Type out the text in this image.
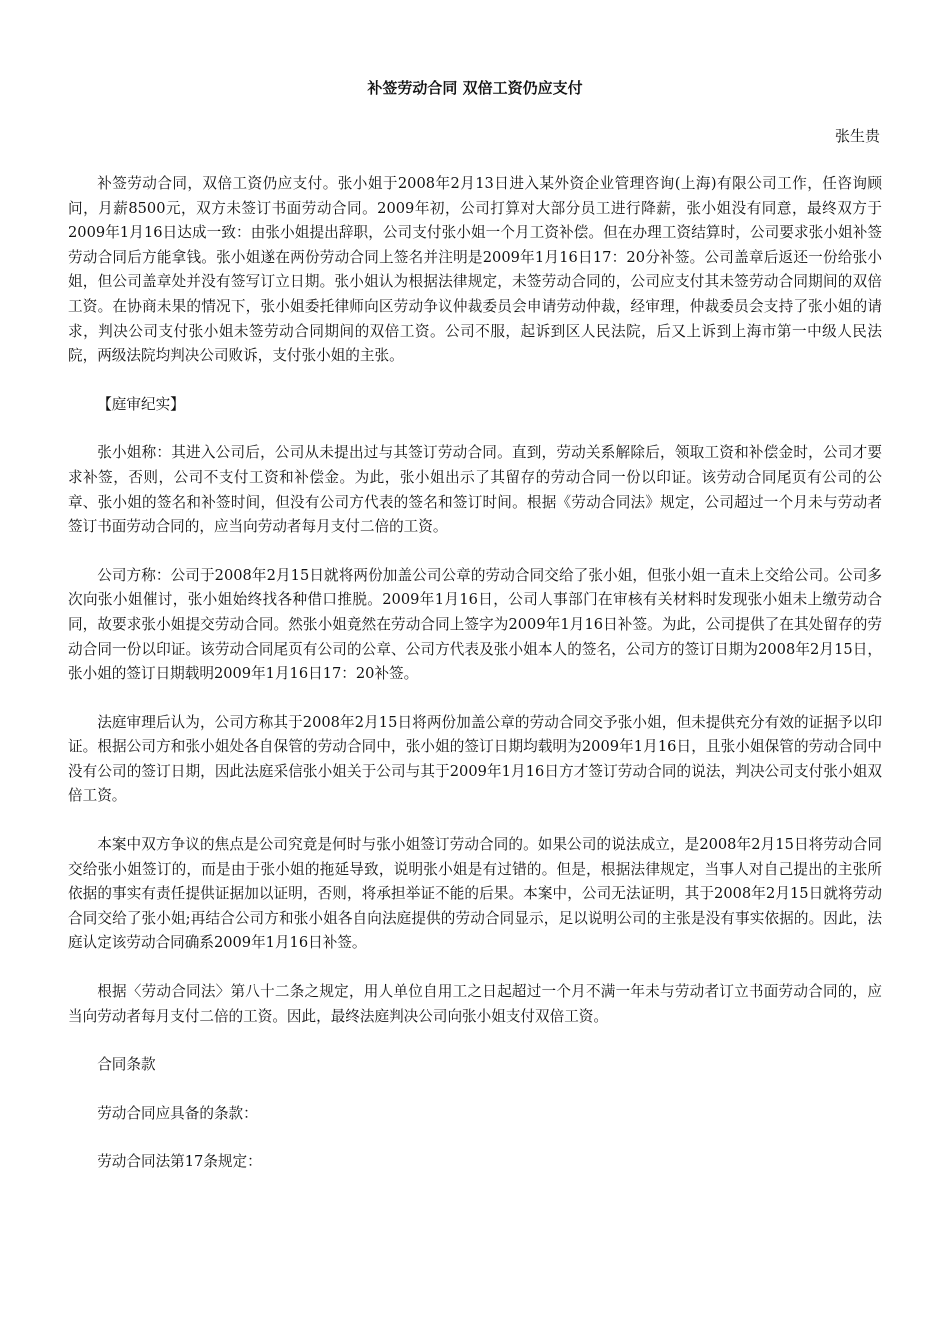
补签劳动合同 双倍工资仍应支付
张生贵

补签劳动合同，双倍工资仍应支付。张小姐于2008年2月13日进入某外资企业管理咨询(上海)有限公司工作，任咨询顾问，月薪8500元，双方未签订书面劳动合同。2009年初，公司打算对大部分员工进行降薪，张小姐没有同意，最终双方于2009年1月16日达成一致：由张小姐提出辞职，公司支付张小姐一个月工资补偿。但在办理工资结算时，公司要求张小姐补签劳动合同后方能拿钱。张小姐遂在两份劳动合同上签名并注明是2009年1月16日17：20分补签。公司盖章后返还一份给张小姐，但公司盖章处并没有签写订立日期。张小姐认为根据法律规定，未签劳动合同的，公司应支付其未签劳动合同期间的双倍工资。在协商未果的情况下，张小姐委托律师向区劳动争议仲裁委员会申请劳动仲裁，经审理，仲裁委员会支持了张小姐的请求，判决公司支付张小姐未签劳动合同期间的双倍工资。公司不服，起诉到区人民法院，后又上诉到上海市第一中级人民法院，两级法院均判决公司败诉，支付张小姐的主张。

【庭审纪实】

张小姐称：其进入公司后，公司从未提出过与其签订劳动合同。直到，劳动关系解除后，领取工资和补偿金时，公司才要求补签，否则，公司不支付工资和补偿金。为此，张小姐出示了其留存的劳动合同一份以印证。该劳动合同尾页有公司的公章、张小姐的签名和补签时间，但没有公司方代表的签名和签订时间。根据《劳动合同法》规定，公司超过一个月未与劳动者签订书面劳动合同的，应当向劳动者每月支付二倍的工资。

公司方称：公司于2008年2月15日就将两份加盖公司公章的劳动合同交给了张小姐，但张小姐一直未上交给公司。公司多次向张小姐催讨，张小姐始终找各种借口推脱。2009年1月16日，公司人事部门在审核有关材料时发现张小姐未上缴劳动合同，故要求张小姐提交劳动合同。然张小姐竟然在劳动合同上签字为2009年1月16日补签。为此，公司提供了在其处留存的劳动合同一份以印证。该劳动合同尾页有公司的公章、公司方代表及张小姐本人的签名，公司方的签订日期为2008年2月15日，张小姐的签订日期载明2009年1月16日17：20补签。

法庭审理后认为，公司方称其于2008年2月15日将两份加盖公章的劳动合同交予张小姐，但未提供充分有效的证据予以印证。根据公司方和张小姐处各自保管的劳动合同中，张小姐的签订日期均载明为2009年1月16日，且张小姐保管的劳动合同中没有公司的签订日期，因此法庭采信张小姐关于公司与其于2009年1月16日方才签订劳动合同的说法，判决公司支付张小姐双倍工资。

本案中双方争议的焦点是公司究竟是何时与张小姐签订劳动合同的。如果公司的说法成立，是2008年2月15日将劳动合同交给张小姐签订的，而是由于张小姐的拖延导致，说明张小姐是有过错的。但是，根据法律规定，当事人对自己提出的主张所依据的事实有责任提供证据加以证明，否则，将承担举证不能的后果。本案中，公司无法证明，其于2008年2月15日就将劳动合同交给了张小姐;再结合公司方和张小姐各自向法庭提供的劳动合同显示，足以说明公司的主张是没有事实依据的。因此，法庭认定该劳动合同确系2009年1月16日补签。

根据〈劳动合同法〉第八十二条之规定，用人单位自用工之日起超过一个月不满一年未与劳动者订立书面劳动合同的，应当向劳动者每月支付二倍的工资。因此，最终法庭判决公司向张小姐支付双倍工资。

合同条款

劳动合同应具备的条款：

劳动合同法第17条规定：
